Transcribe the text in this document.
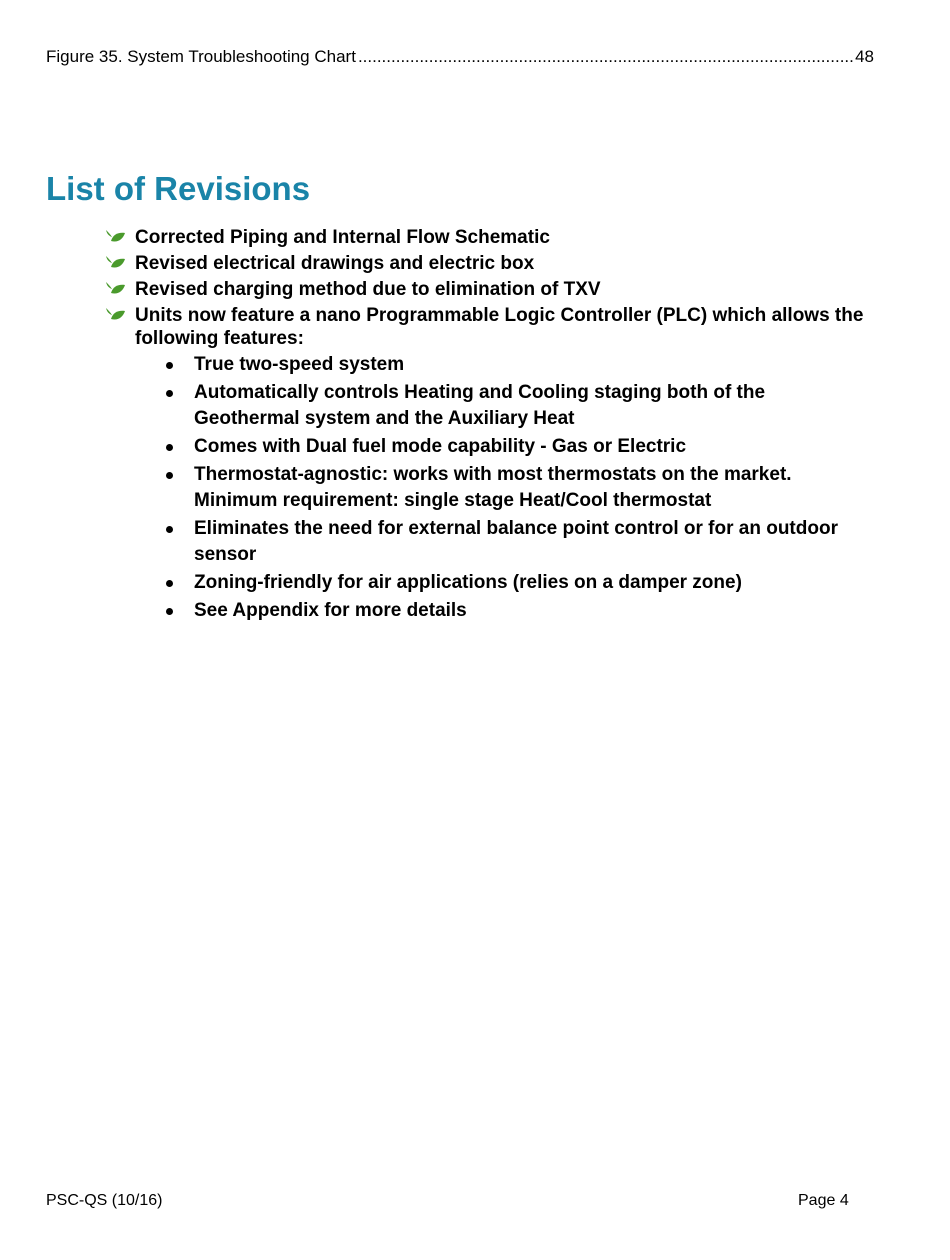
Figure 35. System Troubleshooting Chart
.....	48
List of Revisions
Corrected Piping and Internal Flow Schematic
Revised electrical drawings and electric box
Revised charging method due to elimination of TXV
Units now feature a nano Programmable Logic Controller (PLC) which allows the following features:
True two-speed system
Automatically controls Heating and Cooling staging both of the Geothermal system and the Auxiliary Heat
Comes with Dual fuel mode capability - Gas or Electric
Thermostat-agnostic: works with most thermostats on the market. Minimum requirement: single stage Heat/Cool thermostat
Eliminates the need for external balance point control or for an outdoor sensor
Zoning-friendly for air applications (relies on a damper zone)
See Appendix for more details
PSC-QS (10/16)	Page 4
